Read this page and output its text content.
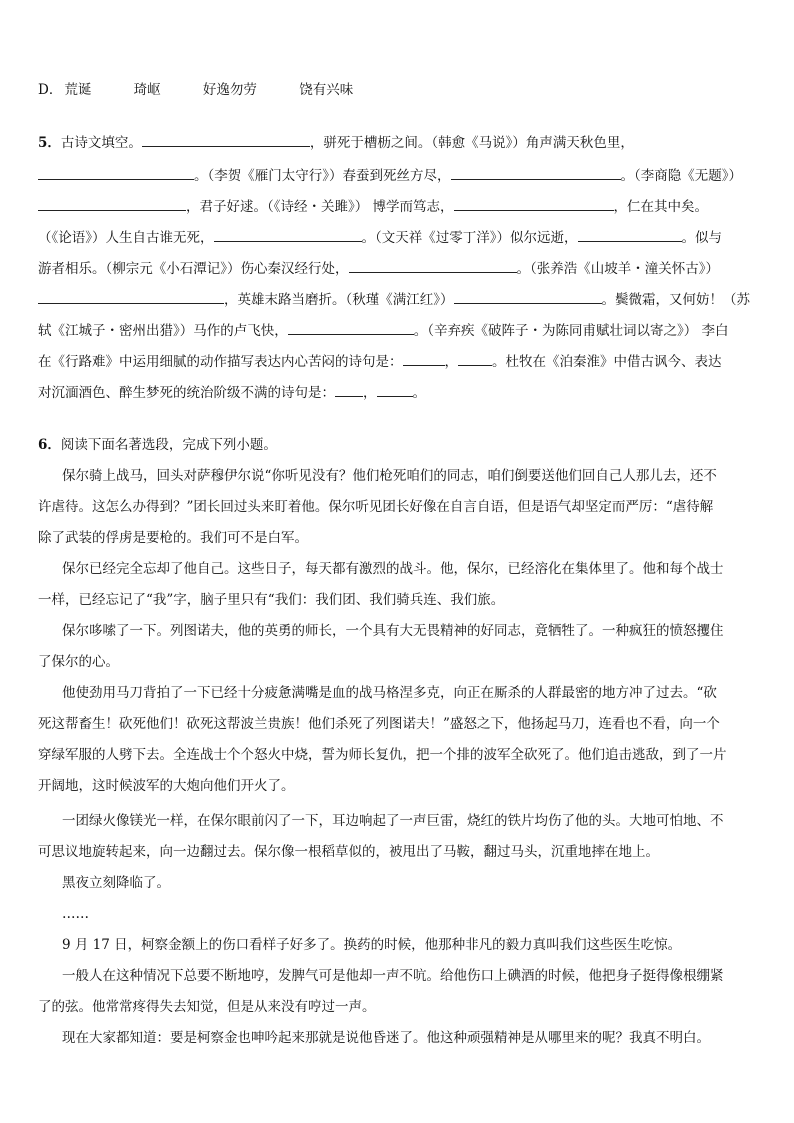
D． 荒诞	琦岖	好逸勿劳	饶有兴味
5．古诗文填空。	，骈死于槽枥之间。（韩愈《马说》）角声满天秋色里，
。（李贺《雁门太守行》）春蚕到死丝方尽，	。（李商隐《无题》）
，君子好逑。（《诗经・关雎》） 博学而笃志，	，仁在其中矣。
（《论语》）人生自古谁无死，	。（文天祥《过零丁洋》）似尔远逝，	。似与
游者相乐。（柳宗元《小石潭记》）伤心秦汉经行处，	。（张养浩《山坡羊・潼关怀古》）
，英雄末路当磨折。（秋瑾《满江红》）	。鬓微霜，又何妨！（苏
轼《江城子・密州出猎》）马作的卢飞快，	。（辛弃疾《破阵子・为陈同甫赋壮词以寄之》） 李白
在《行路难》中运用细腻的动作描写表达内心苦闷的诗句是：	，	。杜牧在《泊秦淮》中借古讽今、表达
对沉湎酒色、醉生梦死的统治阶级不满的诗句是： ，	。
6．阅读下面名著选段，完成下列小题。
保尔骑上战马，回头对萨穆伊尔说“你听见没有？他们枪死咱们的同志，咱们倒要送他们回自己人那儿去，还不
许虐待。这怎么办得到？”团长回过头来盯着他。保尔听见团长好像在自言自语，但是语气却坚定而严厉：“虐待解
除了武装的俘虏是要枪的。我们可不是白军。
保尔已经完全忘却了他自己。这些日子，每天都有激烈的战斗。他，保尔，已经溶化在集体里了。他和每个战士
一样，已经忘记了“我”字，脑子里只有“我们：我们团、我们骑兵连、我们旅。
保尔哆嗦了一下。列图诺夫，他的英勇的师长，一个具有大无畏精神的好同志，竟牺牲了。一种疯狂的愤怒攫住
了保尔的心。
他使劲用马刀背拍了一下已经十分疲惫满嘴是血的战马格涅多克，向正在厮杀的人群最密的地方冲了过去。“砍
死这帮畜生！砍死他们！砍死这帮波兰贵族！他们杀死了列图诺夫！”盛怒之下，他扬起马刀，连看也不看，向一个
穿绿军服的人劈下去。全连战士个个怒火中烧，誓为师长复仇，把一个排的波军全砍死了。他们追击逃敌，到了一片
开阔地，这时候波军的大炮向他们开火了。
一团绿火像镁光一样，在保尔眼前闪了一下，耳边响起了一声巨雷，烧红的铁片均伤了他的头。大地可怕地、不
可思议地旋转起来，向一边翻过去。保尔像一根稻草似的，被甩出了马鞍，翻过马头，沉重地摔在地上。
黑夜立刻降临了。
……
9 月 17 日，柯察金额上的伤口看样子好多了。换药的时候，他那种非凡的毅力真叫我们这些医生吃惊。
一般人在这种情况下总要不断地哼，发脾气可是他却一声不吭。给他伤口上碘酒的时候，他把身子挺得像根绷紧
了的弦。他常常疼得失去知觉，但是从来没有哼过一声。
现在大家都知道：要是柯察金也呻吟起来那就是说他昏迷了。他这种顽强精神是从哪里来的呢？我真不明白。
